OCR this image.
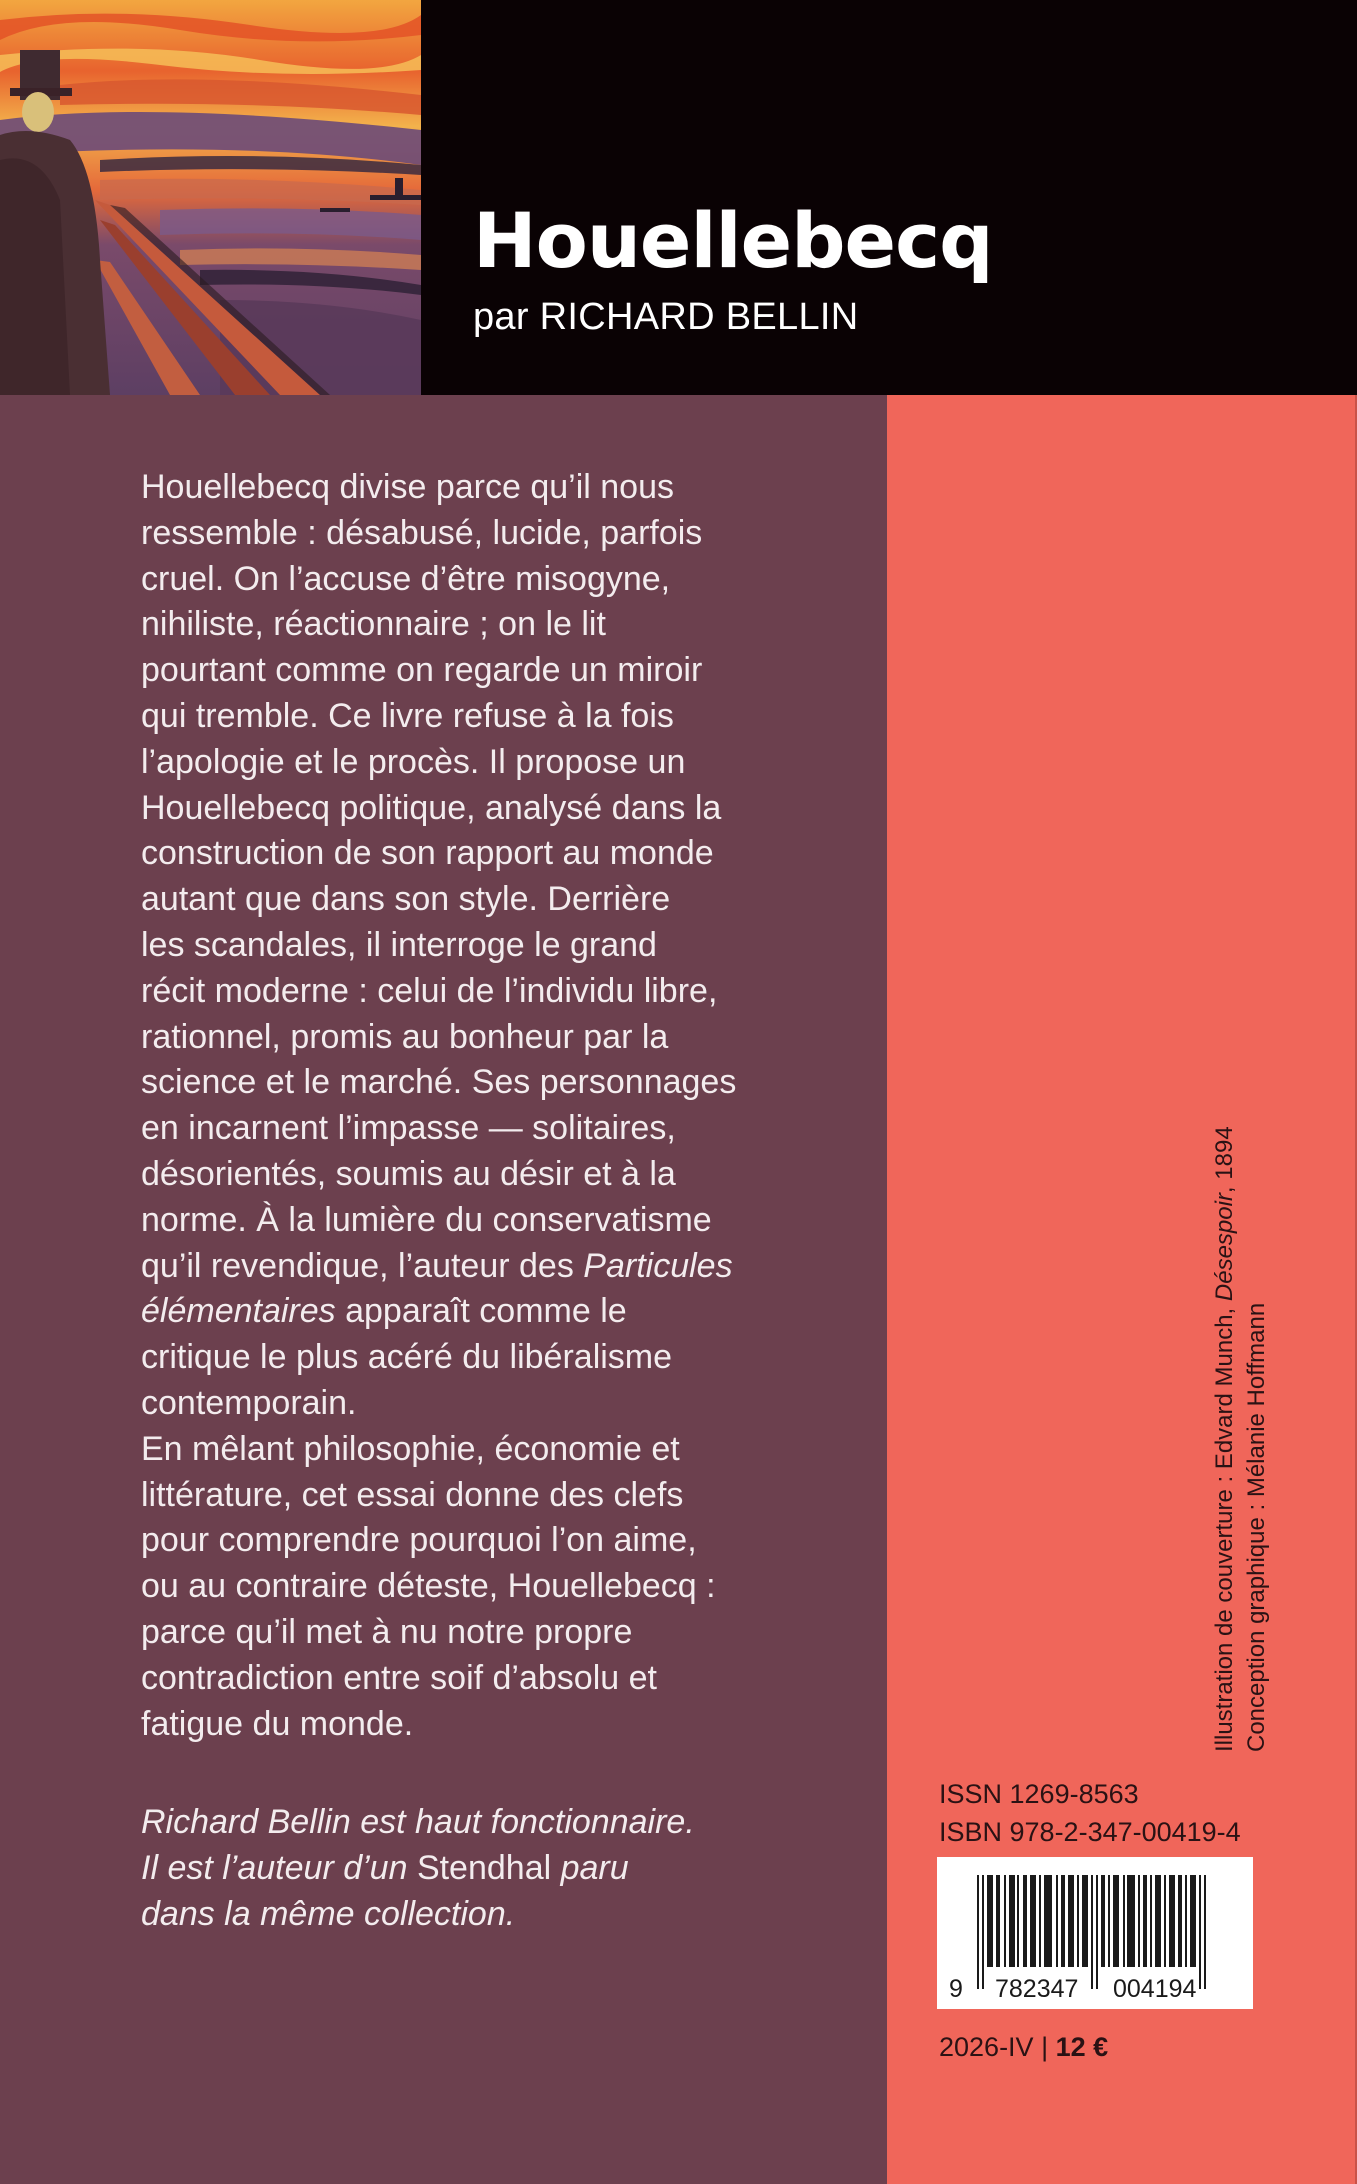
Houellebecq
par RICHARD BELLIN
Houellebecq divise parce qu’il nous
ressemble : désabusé, lucide, parfois
cruel. On l’accuse d’être misogyne,
nihiliste, réactionnaire ; on le lit
pourtant comme on regarde un miroir
qui tremble. Ce livre refuse à la fois
l’apologie et le procès. Il propose un
Houellebecq politique, analysé dans la
construction de son rapport au monde
autant que dans son style. Derrière
les scandales, il interroge le grand
récit moderne : celui de l’individu libre,
rationnel, promis au bonheur par la
science et le marché. Ses personnages
en incarnent l’impasse — solitaires,
désorientés, soumis au désir et à la
norme. À la lumière du conservatisme
qu’il revendique, l’auteur des Particules
élémentaires apparaît comme le
critique le plus acéré du libéralisme
contemporain.
En mêlant philosophie, économie et
littérature, cet essai donne des clefs
pour comprendre pourquoi l’on aime,
ou au contraire déteste, Houellebecq :
parce qu’il met à nu notre propre
contradiction entre soif d’absolu et
fatigue du monde.
Richard Bellin est haut fonctionnaire.
Il est l’auteur d’un Stendhal paru
dans la même collection.
Illustration de couverture : Edvard Munch, Désespoir, 1894
Conception graphique : Mélanie Hoffmann
ISSN 1269-8563
ISBN 978-2-347-00419-4
9 782347 004194
2026-IV | 12 €
